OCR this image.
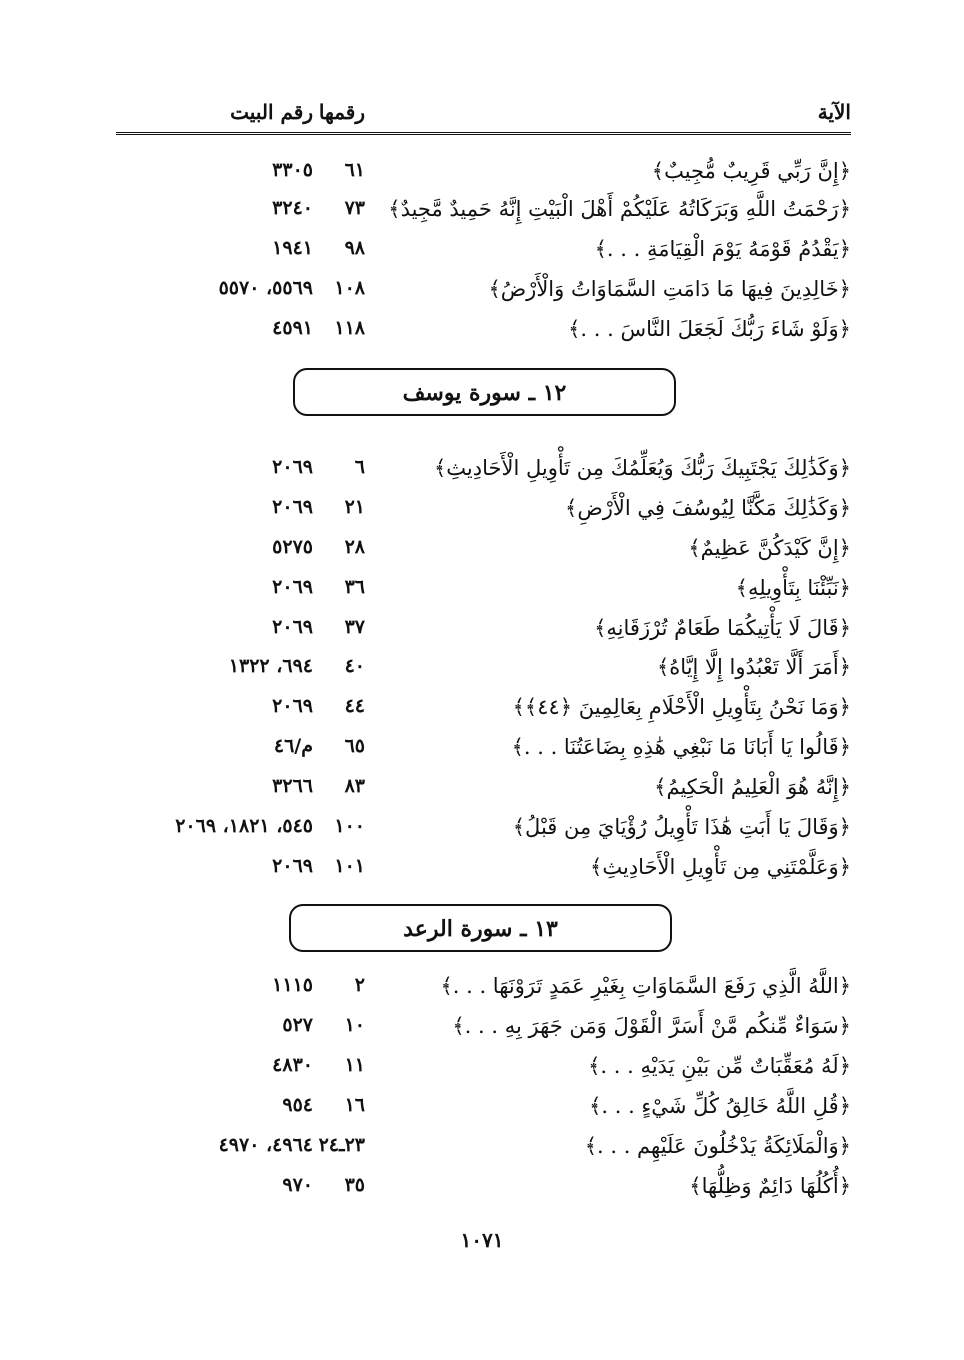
الآية
رقمها
رقم البيت
﴿إِنَّ رَبِّي قَرِيبٌ مُّجِيبٌ﴾
٦١
٣٣٠٥
﴿رَحْمَتُ اللَّهِ وَبَرَكَاتُهُ عَلَيْكُمْ أَهْلَ الْبَيْتِ إِنَّهُ حَمِيدٌ مَّجِيدٌ﴾
٧٣
٣٢٤٠
﴿يَقْدُمُ قَوْمَهُ يَوْمَ الْقِيَامَةِ . . .﴾
٩٨
١٩٤١
﴿خَالِدِينَ فِيهَا مَا دَامَتِ السَّمَاوَاتُ وَالْأَرْضُ﴾
١٠٨
٥٥٦٩، ٥٥٧٠
﴿وَلَوْ شَاءَ رَبُّكَ لَجَعَلَ النَّاسَ . . .﴾
١١٨
٤٥٩١
١٢ ـ سورة يوسف
﴿وَكَذَٰلِكَ يَجْتَبِيكَ رَبُّكَ وَيُعَلِّمُكَ مِن تَأْوِيلِ الْأَحَادِيثِ﴾
٦
٢٠٦٩
﴿وَكَذَٰلِكَ مَكَّنَّا لِيُوسُفَ فِي الْأَرْضِ﴾
٢١
٢٠٦٩
﴿إِنَّ كَيْدَكُنَّ عَظِيمٌ﴾
٢٨
٥٢٧٥
﴿نَبِّئْنَا بِتَأْوِيلِهِ﴾
٣٦
٢٠٦٩
﴿قَالَ لَا يَأْتِيكُمَا طَعَامٌ تُرْزَقَانِهِ﴾
٣٧
٢٠٦٩
﴿أَمَرَ أَلَّا تَعْبُدُوا إِلَّا إِيَّاهُ﴾
٤٠
٦٩٤، ١٣٢٢
﴿وَمَا نَحْنُ بِتَأْوِيلِ الْأَحْلَامِ بِعَالِمِينَ ﴿٤٤﴾﴾
٤٤
٢٠٦٩
﴿قَالُوا يَا أَبَانَا مَا نَبْغِي هَٰذِهِ بِضَاعَتُنَا . . .﴾
٦٥
م/٤٦
﴿إِنَّهُ هُوَ الْعَلِيمُ الْحَكِيمُ﴾
٨٣
٣٢٦٦
﴿وَقَالَ يَا أَبَتِ هَٰذَا تَأْوِيلُ رُؤْيَايَ مِن قَبْلُ﴾
١٠٠
٥٤٥، ١٨٢١، ٢٠٦٩
﴿وَعَلَّمْتَنِي مِن تَأْوِيلِ الْأَحَادِيثِ﴾
١٠١
٢٠٦٩
١٣ ـ سورة الرعد
﴿اللَّهُ الَّذِي رَفَعَ السَّمَاوَاتِ بِغَيْرِ عَمَدٍ تَرَوْنَهَا . . .﴾
٢
١١١٥
﴿سَوَاءٌ مِّنكُم مَّنْ أَسَرَّ الْقَوْلَ وَمَن جَهَرَ بِهِ . . .﴾
١٠
٥٢٧
﴿لَهُ مُعَقِّبَاتٌ مِّن بَيْنِ يَدَيْهِ . . .﴾
١١
٤٨٣٠
﴿قُلِ اللَّهُ خَالِقُ كُلِّ شَيْءٍ . . .﴾
١٦
٩٥٤
﴿وَالْمَلَائِكَةُ يَدْخُلُونَ عَلَيْهِم . . .﴾
٢٣ـ٢٤
٤٩٦٤، ٤٩٧٠
﴿أُكُلُهَا دَائِمٌ وَظِلُّهَا﴾
٣٥
٩٧٠
١٠٧١
